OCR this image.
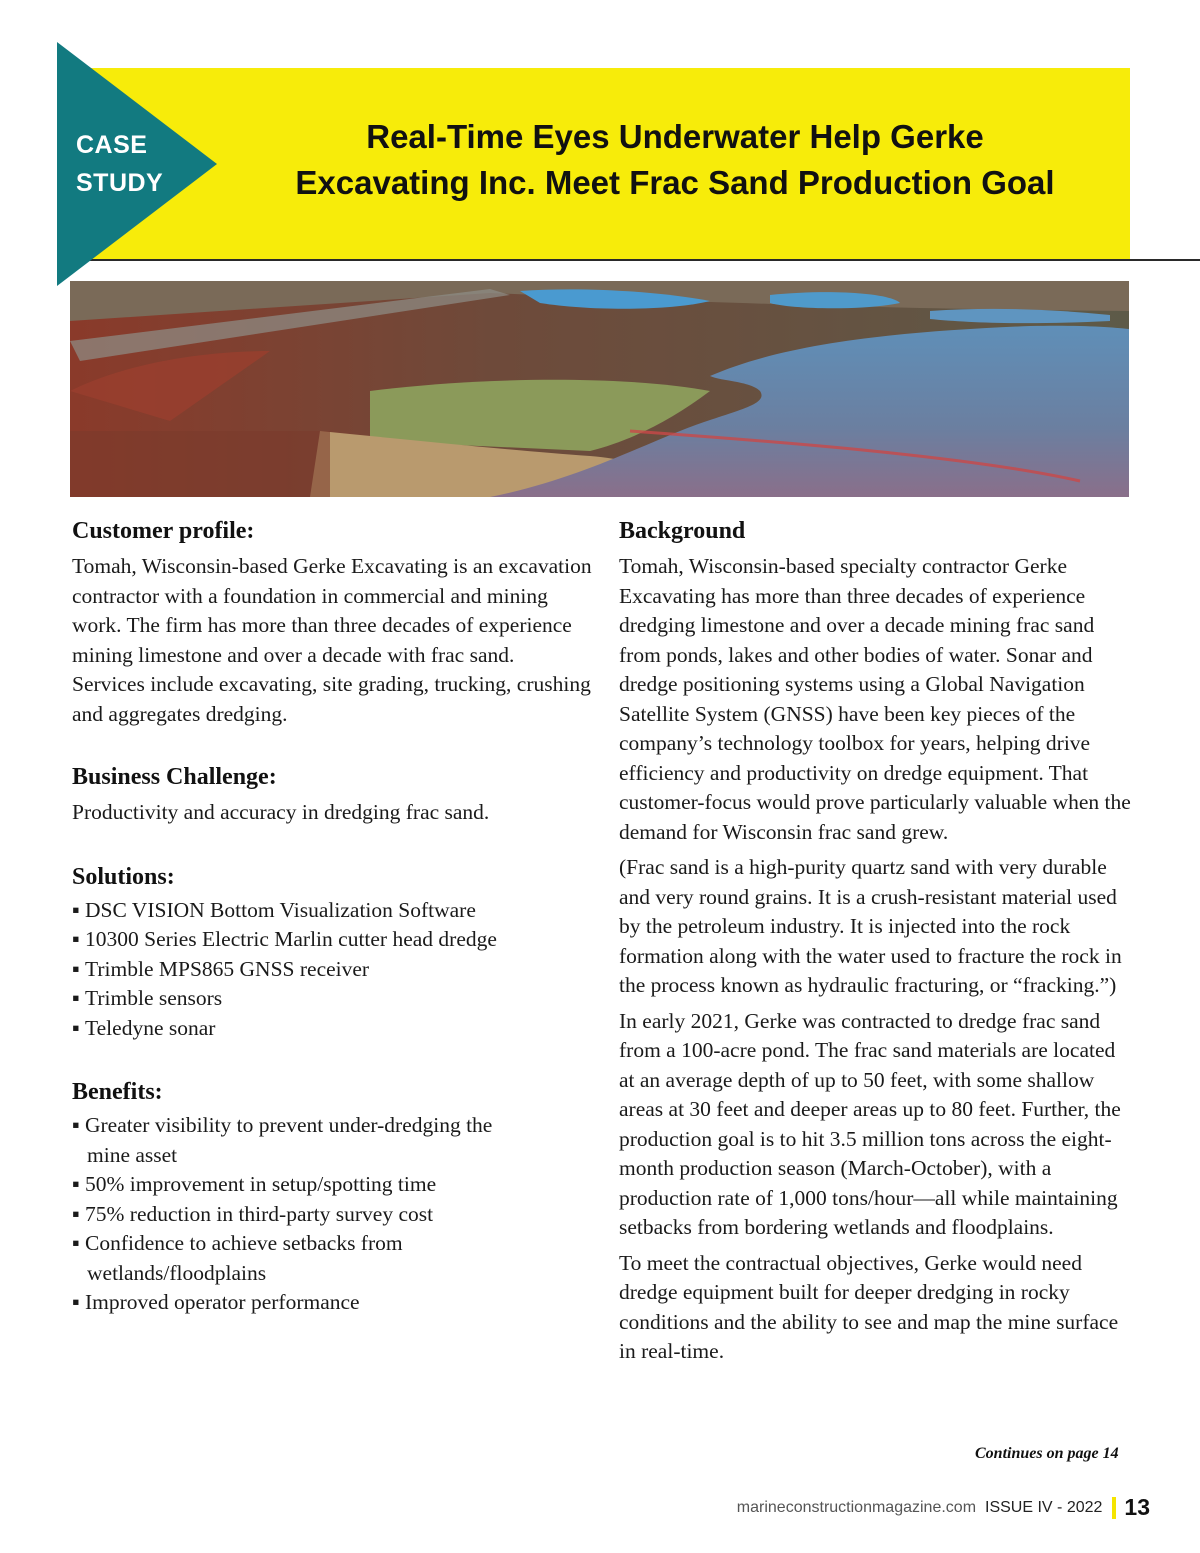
CASE
STUDY
Real-Time Eyes Underwater Help Gerke
Excavating Inc. Meet Frac Sand Production Goal
Customer profile:

Tomah, Wisconsin-based Gerke Excavating is an excavation contractor with a foundation in commercial and mining work. The firm has more than three decades of experience mining limestone and over a decade with frac sand. Services include excavating, site grading, trucking, crushing and aggregates dredging.

Business Challenge:

Productivity and accuracy in dredging frac sand.

Solutions:
▪ DSC VISION Bottom Visualization Software
▪ 10300 Series Electric Marlin cutter head dredge
▪ Trimble MPS865 GNSS receiver
▪ Trimble sensors
▪ Teledyne sonar
Benefits:
▪ Greater visibility to prevent under-dredging the mine asset
▪ 50% improvement in setup/spotting time
▪ 75% reduction in third-party survey cost
▪ Confidence to achieve setbacks from wetlands/floodplains
▪ Improved operator performance
Background

Tomah, Wisconsin-based specialty contractor Gerke Excavating has more than three decades of experience dredging limestone and over a decade mining frac sand from ponds, lakes and other bodies of water. Sonar and dredge positioning systems using a Global Navigation Satellite System (GNSS) have been key pieces of the company’s technology toolbox for years, helping drive efficiency and productivity on dredge equipment. That customer-focus would prove particularly valuable when the demand for Wisconsin frac sand grew.

(Frac sand is a high-purity quartz sand with very durable and very round grains. It is a crush-resistant material used by the petroleum industry. It is injected into the rock formation along with the water used to fracture the rock in the process known as hydraulic fracturing, or “fracking.”)

In early 2021, Gerke was contracted to dredge frac sand from a 100-acre pond. The frac sand materials are located at an average depth of up to 50 feet, with some shallow areas at 30 feet and deeper areas up to 80 feet. Further, the production goal is to hit 3.5 million tons across the eight-month production season (March-October), with a production rate of 1,000 tons/hour—all while maintaining setbacks from bordering wetlands and floodplains.

To meet the contractual objectives, Gerke would need dredge equipment built for deeper dredging in rocky conditions and the ability to see and map the mine surface in real-time.

Continues on page 14
marineconstructionmagazine.com ISSUE IV - 2022 13
